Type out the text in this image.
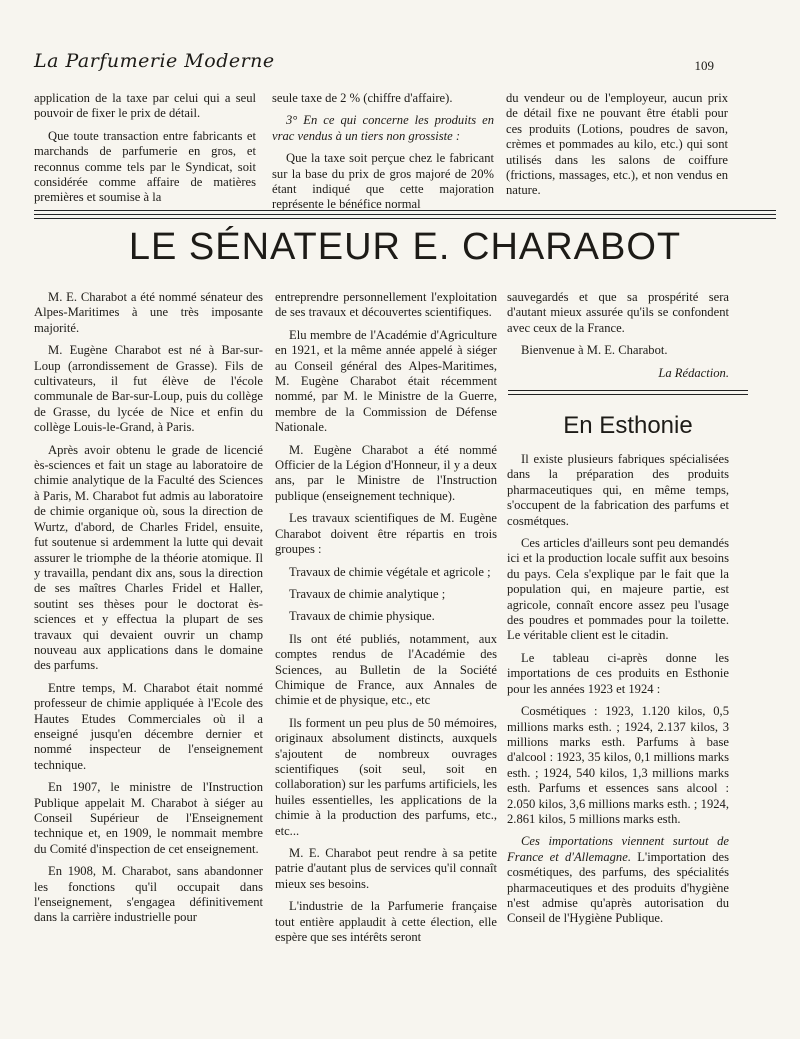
La Parfumerie Moderne	109

application de la taxe par celui qui a seul pouvoir de fixer le prix de détail.

Que toute transaction entre fabricants et marchands de parfumerie en gros, et reconnus comme tels par le Syndicat, soit considérée comme affaire de matières premières et soumise à la

seule taxe de 2 % (chiffre d'affaire).

3° En ce qui concerne les produits en vrac vendus à un tiers non grossiste :

Que la taxe soit perçue chez le fabricant sur la base du prix de gros majoré de 20% étant indiqué que cette majoration représente le bénéfice normal

du vendeur ou de l'employeur, aucun prix de détail fixe ne pouvant être établi pour ces produits (Lotions, poudres de savon, crèmes et pommades au kilo, etc.) qui sont utilisés dans les salons de coiffure (frictions, massages, etc.), et non vendus en nature.

LE SÉNATEUR E. CHARABOT

M. E. Charabot a été nommé sénateur des Alpes-Maritimes à une très imposante majorité.

M. Eugène Charabot est né à Bar-sur-Loup (arrondissement de Grasse). Fils de cultivateurs, il fut élève de l'école communale de Bar-sur-Loup, puis du collège de Grasse, du lycée de Nice et enfin du collège Louis-le-Grand, à Paris.

Après avoir obtenu le grade de licencié ès-sciences et fait un stage au laboratoire de chimie analytique de la Faculté des Sciences à Paris, M. Charabot fut admis au laboratoire de chimie organique où, sous la direction de Wurtz, d'abord, de Charles Fridel, ensuite, fut soutenue si ardemment la lutte qui devait assurer le triomphe de la théorie atomique. Il y travailla, pendant dix ans, sous la direction de ses maîtres Charles Fridel et Haller, soutint ses thèses pour le doctorat ès-sciences et y effectua la plupart de ses travaux qui devaient ouvrir un champ nouveau aux applications dans le domaine des parfums.

Entre temps, M. Charabot était nommé professeur de chimie appliquée à l'Ecole des Hautes Etudes Commerciales où il a enseigné jusqu'en décembre dernier et nommé inspecteur de l'enseignement technique.

En 1907, le ministre de l'Instruction Publique appelait M. Charabot à siéger au Conseil Supérieur de l'Enseignement technique et, en 1909, le nommait membre du Comité d'inspection de cet enseignement.

En 1908, M. Charabot, sans abandonner les fonctions qu'il occupait dans l'enseignement, s'engagea définitivement dans la carrière industrielle pour

entreprendre personnellement l'exploitation de ses travaux et découvertes scientifiques.

Elu membre de l'Académie d'Agriculture en 1921, et la même année appelé à siéger au Conseil général des Alpes-Maritimes, M. Eugène Charabot était récemment nommé, par M. le Ministre de la Guerre, membre de la Commission de Défense Nationale.

M. Eugène Charabot a été nommé Officier de la Légion d'Honneur, il y a deux ans, par le Ministre de l'Instruction publique (enseignement technique).

Les travaux scientifiques de M. Eugène Charabot doivent être répartis en trois groupes :

Travaux de chimie végétale et agricole ;

Travaux de chimie analytique ;

Travaux de chimie physique.

Ils ont été publiés, notamment, aux comptes rendus de l'Académie des Sciences, au Bulletin de la Société Chimique de France, aux Annales de chimie et de physique, etc., etc

Ils forment un peu plus de 50 mémoires, originaux absolument distincts, auxquels s'ajoutent de nombreux ouvrages scientifiques (soit seul, soit en collaboration) sur les parfums artificiels, les huiles essentielles, les applications de la chimie à la production des parfums, etc., etc...

M. E. Charabot peut rendre à sa petite patrie d'autant plus de services qu'il connaît mieux ses besoins.

L'industrie de la Parfumerie française tout entière applaudit à cette élection, elle espère que ses intérêts seront

sauvegardés et que sa prospérité sera d'autant mieux assurée qu'ils se confondent avec ceux de la France.

Bienvenue à M. E. Charabot.

La Rédaction.

En Esthonie

Il existe plusieurs fabriques spécialisées dans la préparation des produits pharmaceutiques qui, en même temps, s'occupent de la fabrication des parfums et cosmétques.

Ces articles d'ailleurs sont peu demandés ici et la production locale suffit aux besoins du pays. Cela s'explique par le fait que la population qui, en majeure partie, est agricole, connaît encore assez peu l'usage des poudres et pommades pour la toilette. Le véritable client est le citadin.

Le tableau ci-après donne les importations de ces produits en Esthonie pour les années 1923 et 1924 :

Cosmétiques : 1923, 1.120 kilos, 0,5 millions marks esth. ; 1924, 2.137 kilos, 3 millions marks esth. Parfums à base d'alcool : 1923, 35 kilos, 0,1 millions marks esth. ; 1924, 540 kilos, 1,3 millions marks esth. Parfums et essences sans alcool : 2.050 kilos, 3,6 millions marks esth. ; 1924, 2.861 kilos, 5 millions marks esth.

Ces importations viennent surtout de France et d'Allemagne. L'importation des cosmétiques, des parfums, des spécialités pharmaceutiques et des produits d'hygiène n'est admise qu'après autorisation du Conseil de l'Hygiène Publique.
